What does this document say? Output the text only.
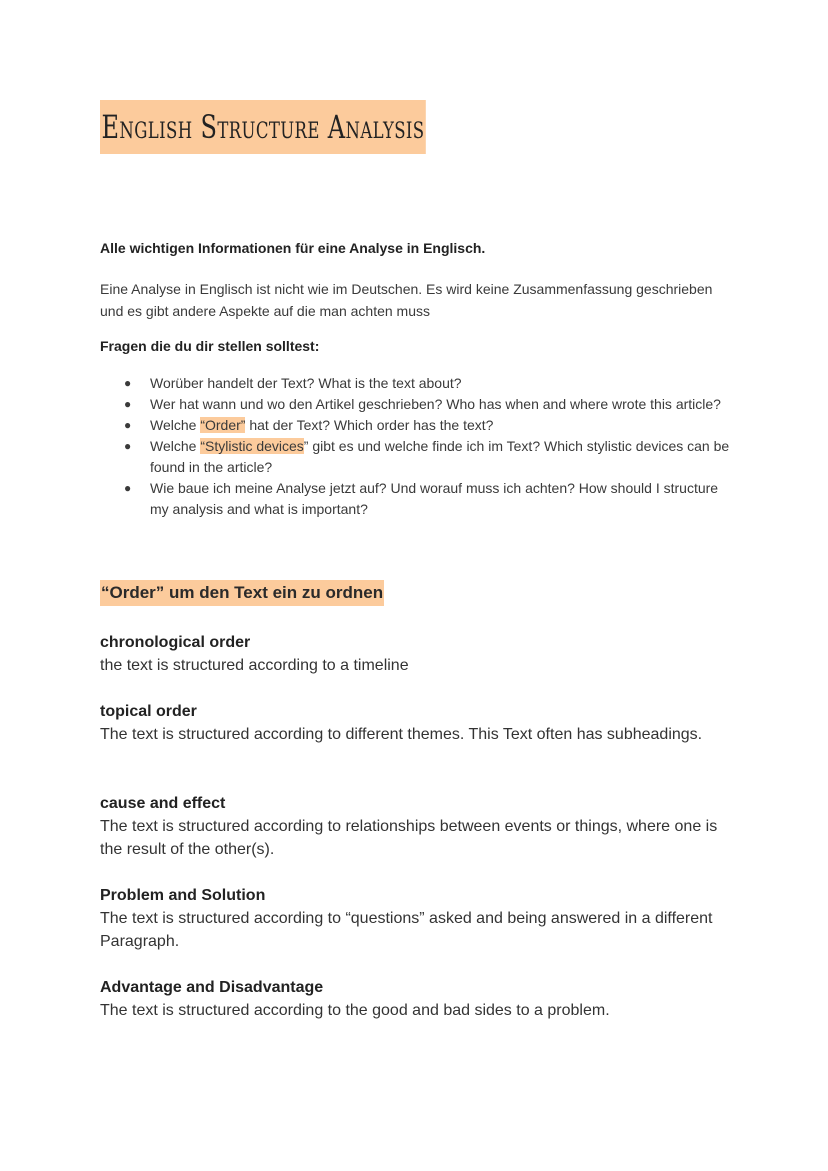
English Structure Analysis
Alle wichtigen Informationen für eine Analyse in Englisch.
Eine Analyse in Englisch ist nicht wie im Deutschen. Es wird keine Zusammenfassung geschrieben und es gibt andere Aspekte auf die man achten muss
Fragen die du dir stellen solltest:
● Worüber handelt der Text? What is the text about?
● Wer hat wann und wo den Artikel geschrieben? Who has when and where wrote this article?
● Welche “Order” hat der Text? Which order has the text?
● Welche “Stylistic devices” gibt es und welche finde ich im Text? Which stylistic devices can be found in the article?
● Wie baue ich meine Analyse jetzt auf? Und worauf muss ich achten? How should I structure my analysis and what is important?
“Order” um den Text ein zu ordnen
chronological order
the text is structured according to a timeline
topical order
The text is structured according to different themes. This Text often has subheadings.
cause and effect
The text is structured according to relationships between events or things, where one is the result of the other(s).
Problem and Solution
The text is structured according to “questions” asked and being answered in a different Paragraph.
Advantage and Disadvantage
The text is structured according to the good and bad sides to a problem.
